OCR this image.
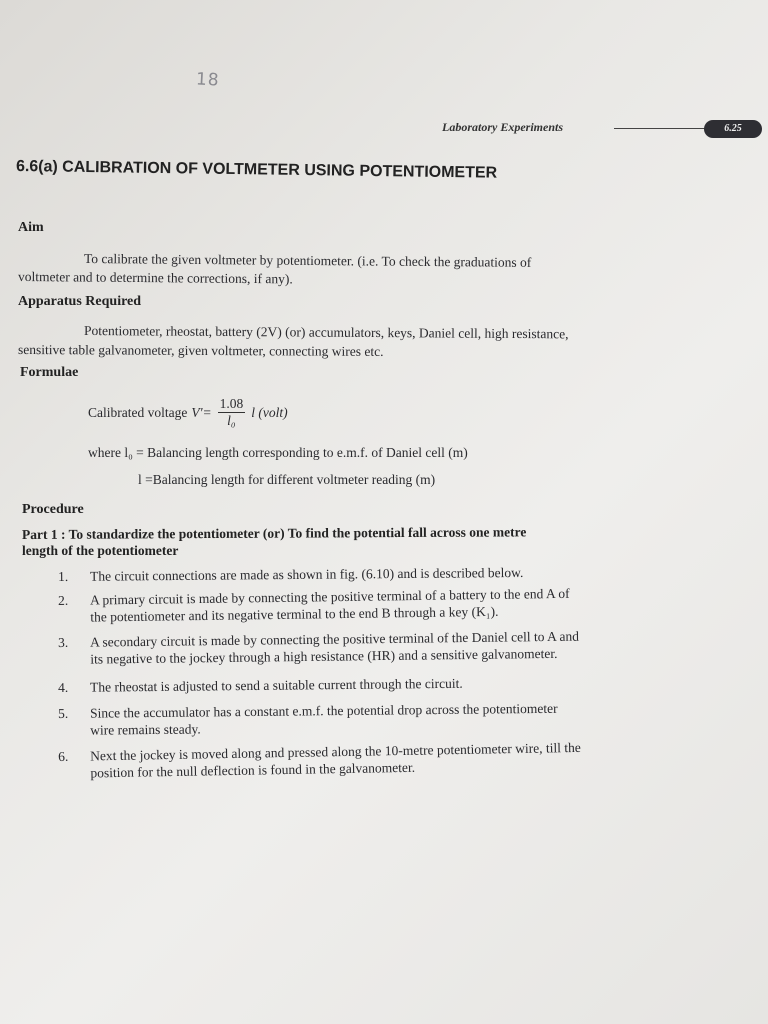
18
Laboratory Experiments	6.25
6.6(a) CALIBRATION OF VOLTMETER USING POTENTIOMETER
Aim
To calibrate the given voltmeter by potentiometer. (i.e. To check the graduations of
voltmeter and to determine the corrections, if any).
Apparatus Required
Potentiometer, rheostat, battery (2V) (or) accumulators, keys, Daniel cell, high resistance,
sensitive table galvanometer, given voltmeter, connecting wires etc.
Formulae
Calibrated voltage $V'= \frac{1.08}{\text{l₀}}$ l (volt)
where l₀ = Balancing length corresponding to e.m.f. of Daniel cell (m)
l =Balancing length for different voltmeter reading (m)
Procedure
Part 1 : To standardize the potentiometer (or) To find the potential fall across one metre
length of the potentiometer
1. The circuit connections are made as shown in fig. (6.10) and is described below.
2. A primary circuit is made by connecting the positive terminal of a battery to the end A of
the potentiometer and its negative terminal to the end B through a key (K₁).
3. A secondary circuit is made by connecting the positive terminal of the Daniel cell to A and
its negative to the jockey through a high resistance (HR) and a sensitive galvanometer.
4. The rheostat is adjusted to send a suitable current through the circuit.
5. Since the accumulator has a constant e.m.f. the potential drop across the potentiometer
wire remains steady.
6. Next the jockey is moved along and pressed along the 10-metre potentiometer wire, till the
position for the null deflection is found in the galvanometer.
